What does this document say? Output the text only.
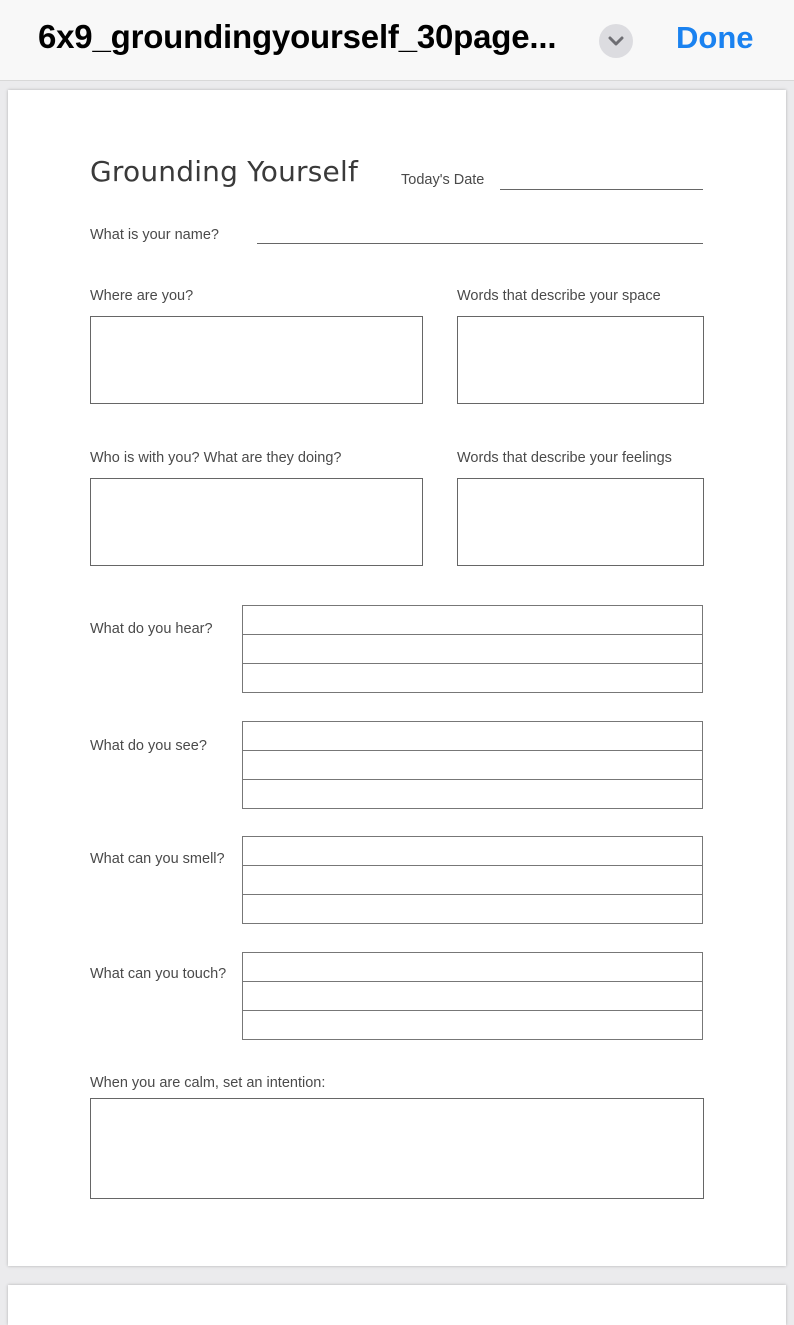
6x9_groundingyourself_30page...	Done
Grounding Yourself	Today's Date
What is your name?
Where are you?	Words that describe your space
Who is with you? What are they doing?	Words that describe your feelings
What do you hear?
What do you see?
What can you smell?
What can you touch?
When you are calm, set an intention:
